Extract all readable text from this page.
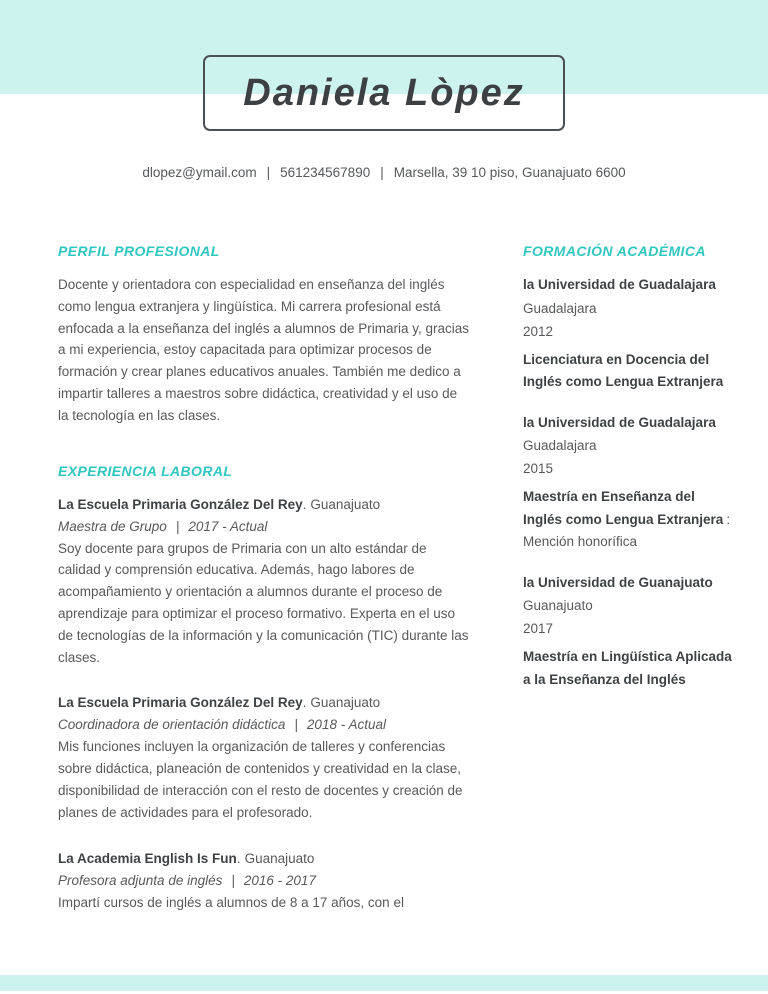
Daniela Lòpez
dlopez@ymail.com | 561234567890 | Marsella, 39 10 piso, Guanajuato 6600
PERFIL PROFESIONAL

Docente y orientadora con especialidad en enseñanza del inglés como lengua extranjera y lingüística. Mi carrera profesional está enfocada a la enseñanza del inglés a alumnos de Primaria y, gracias a mi experiencia, estoy capacitada para optimizar procesos de formación y crear planes educativos anuales. También me dedico a impartir talleres a maestros sobre didáctica, creatividad y el uso de la tecnología en las clases.

EXPERIENCIA LABORAL

La Escuela Primaria González Del Rey. Guanajuato

Maestra de Grupo | 2017 - Actual

Soy docente para grupos de Primaria con un alto estándar de calidad y comprensión educativa. Además, hago labores de acompañamiento y orientación a alumnos durante el proceso de aprendizaje para optimizar el proceso formativo. Experta en el uso de tecnologías de la información y la comunicación (TIC) durante las clases.

La Escuela Primaria González Del Rey. Guanajuato

Coordinadora de orientación didáctica | 2018 - Actual

Mis funciones incluyen la organización de talleres y conferencias sobre didáctica, planeación de contenidos y creatividad en la clase, disponibilidad de interacción con el resto de docentes y creación de planes de actividades para el profesorado.

La Academia English Is Fun. Guanajuato

Profesora adjunta de inglés | 2016 - 2017

Impartí cursos de inglés a alumnos de 8 a 17 años, con el

FORMACIÓN ACADÉMICA

la Universidad de Guadalajara

Guadalajara

2012

Licenciatura en Docencia del Inglés como Lengua Extranjera

la Universidad de Guadalajara

Guadalajara

2015

Maestría en Enseñanza del Inglés como Lengua Extranjera : Mención honorífica

la Universidad de Guanajuato

Guanajuato

2017

Maestría en Lingüística Aplicada a la Enseñanza del Inglés
